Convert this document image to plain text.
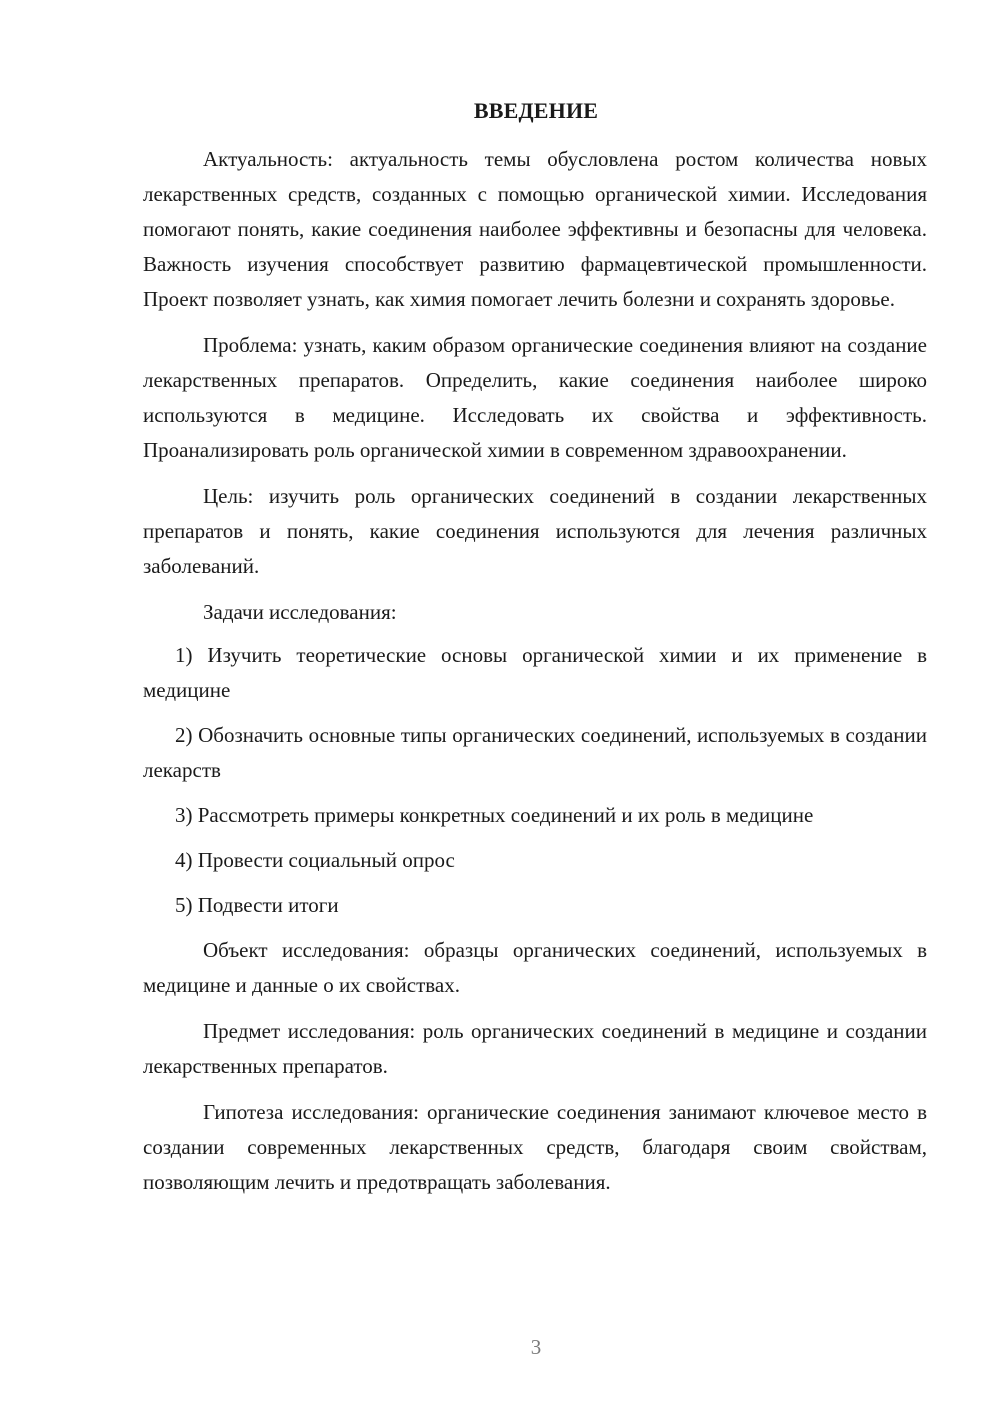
ВВЕДЕНИЕ

Актуальность: актуальность темы обусловлена ростом количества новых лекарственных средств, созданных с помощью органической химии. Исследования помогают понять, какие соединения наиболее эффективны и безопасны для человека. Важность изучения способствует развитию фармацевтической промышленности. Проект позволяет узнать, как химия помогает лечить болезни и сохранять здоровье.

Проблема: узнать, каким образом органические соединения влияют на создание лекарственных препаратов. Определить, какие соединения наиболее широко используются в медицине. Исследовать их свойства и эффективность. Проанализировать роль органической химии в современном здравоохранении.

Цель: изучить роль органических соединений в создании лекарственных препаратов и понять, какие соединения используются для лечения различных заболеваний.

Задачи исследования:

1) Изучить теоретические основы органической химии и их применение в медицине

2) Обозначить основные типы органических соединений, используемых в создании лекарств

3) Рассмотреть примеры конкретных соединений и их роль в медицине

4) Провести социальный опрос

5) Подвести итоги

Объект исследования: образцы органических соединений, используемых в медицине и данные о их свойствах.

Предмет исследования: роль органических соединений в медицине и создании лекарственных препаратов.

Гипотеза исследования: органические соединения занимают ключевое место в создании современных лекарственных средств, благодаря своим свойствам, позволяющим лечить и предотвращать заболевания.

3
